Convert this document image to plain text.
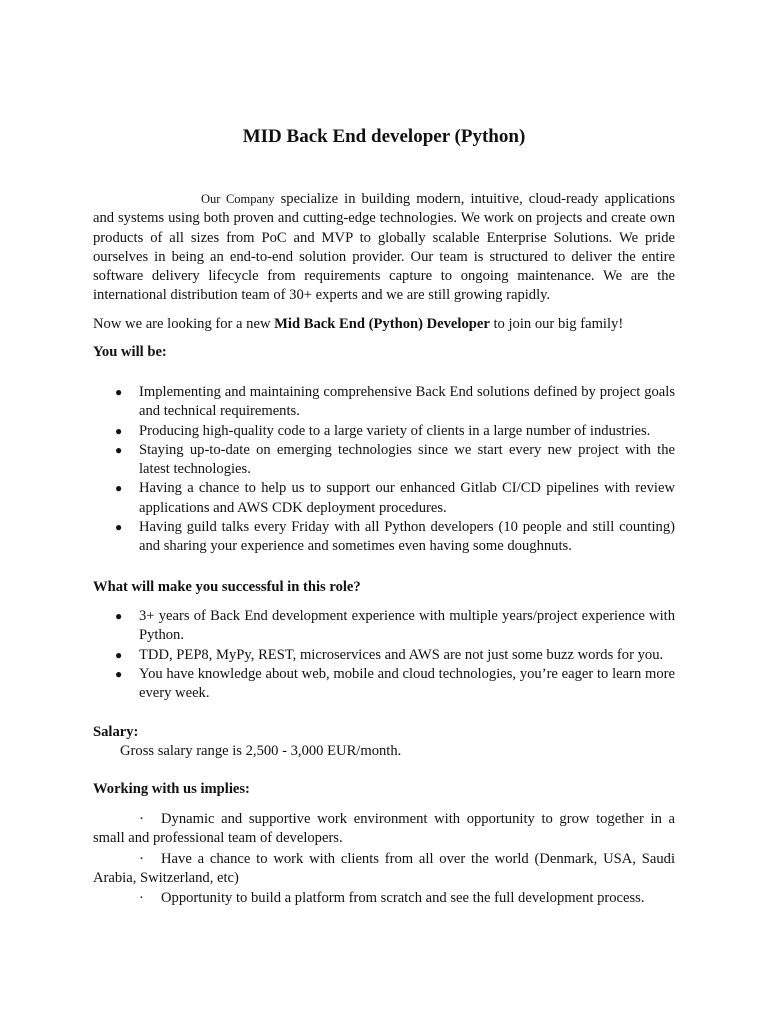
MID Back End developer (Python)

Our Company specialize in building modern, intuitive, cloud-ready applications and systems using both proven and cutting-edge technologies. We work on projects and create own products of all sizes from PoC and MVP to globally scalable Enterprise Solutions. We pride ourselves in being an end-to-end solution provider. Our team is structured to deliver the entire software delivery lifecycle from requirements capture to ongoing maintenance. We are the international distribution team of 30+ experts and we are still growing rapidly.

Now we are looking for a new Mid Back End (Python) Developer to join our big family!

You will be:

● Implementing and maintaining comprehensive Back End solutions defined by project goals and technical requirements.
● Producing high-quality code to a large variety of clients in a large number of industries.
● Staying up-to-date on emerging technologies since we start every new project with the latest technologies.
● Having a chance to help us to support our enhanced Gitlab CI/CD pipelines with review applications and AWS CDK deployment procedures.
● Having guild talks every Friday with all Python developers (10 people and still counting) and sharing your experience and sometimes even having some doughnuts.

What will make you successful in this role?

● 3+ years of Back End development experience with multiple years/project experience with Python.
● TDD, PEP8, MyPy, REST, microservices and AWS are not just some buzz words for you.
● You have knowledge about web, mobile and cloud technologies, you’re eager to learn more every week.

Salary:

Gross salary range is 2,500 - 3,000 EUR/month.

Working with us implies:

· Dynamic and supportive work environment with opportunity to grow together in a small and professional team of developers.

· Have a chance to work with clients from all over the world (Denmark, USA, Saudi Arabia, Switzerland, etc)

· Opportunity to build a platform from scratch and see the full development process.
